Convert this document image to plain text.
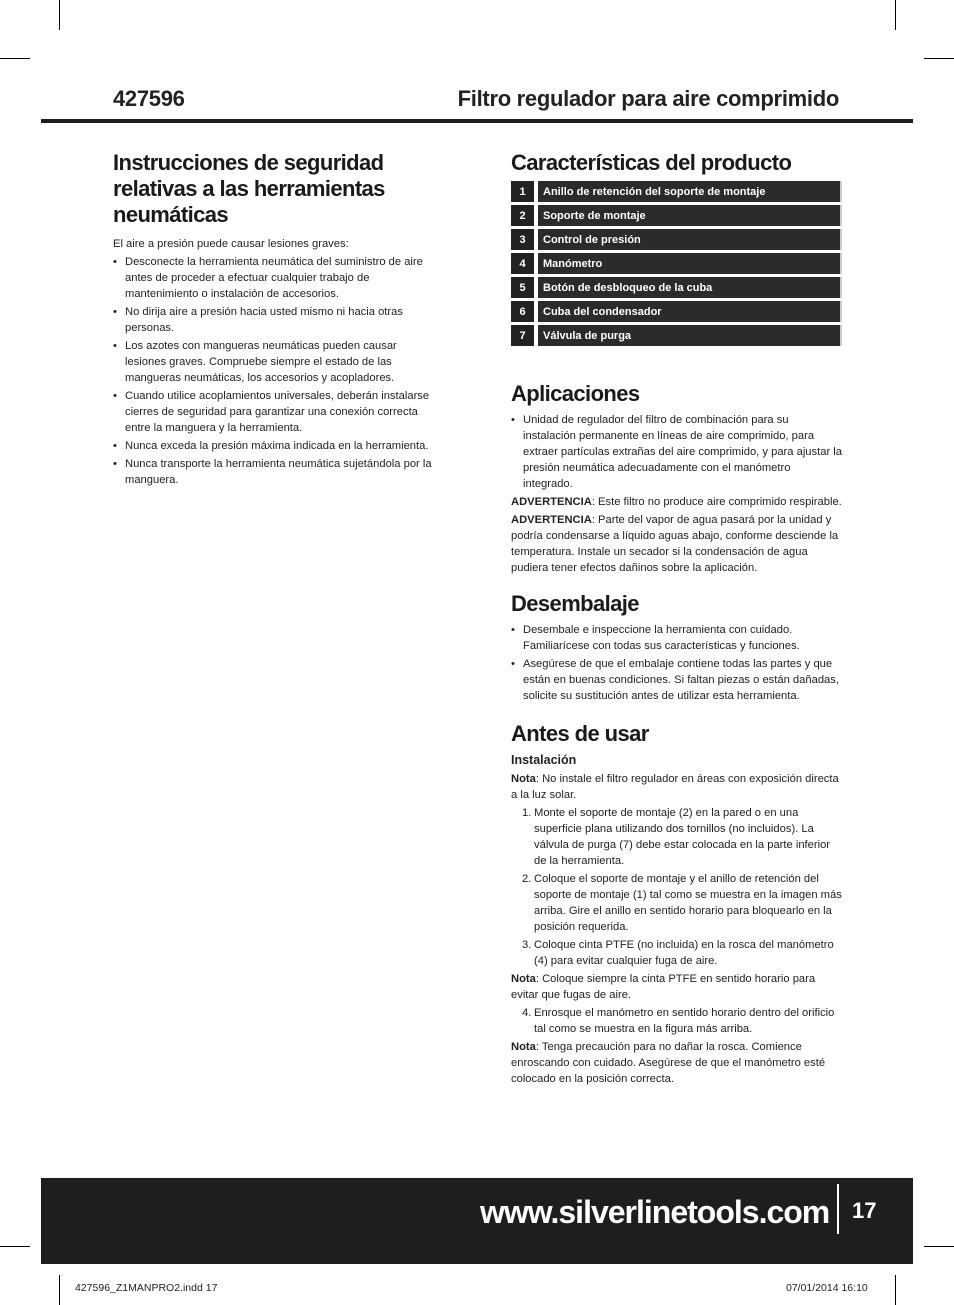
427596	Filtro regulador para aire comprimido
Instrucciones de seguridad relativas a las herramientas neumáticas

El aire a presión puede causar lesiones graves:

• Desconecte la herramienta neumática del suministro de aire antes de proceder a efectuar cualquier trabajo de mantenimiento o instalación de accesorios.
• No dirija aire a presión hacia usted mismo ni hacia otras personas.
• Los azotes con mangueras neumáticas pueden causar lesiones graves. Compruebe siempre el estado de las mangueras neumáticas, los accesorios y acopladores.
• Cuando utilice acoplamientos universales, deberán instalarse cierres de seguridad para garantizar una conexión correcta entre la manguera y la herramienta.
• Nunca exceda la presión máxima indicada en la herramienta.
• Nunca transporte la herramienta neumática sujetándola por la manguera.
Características del producto
1	Anillo de retención del soporte de montaje
2	Soporte de montaje
3	Control de presión
4	Manómetro
5	Botón de desbloqueo de la cuba
6	Cuba del condensador
7	Válvula de purga
Aplicaciones
• Unidad de regulador del filtro de combinación para su instalación permanente en líneas de aire comprimido, para extraer partículas extrañas del aire comprimido, y para ajustar la presión neumática adecuadamente con el manómetro integrado.

ADVERTENCIA: Este filtro no produce aire comprimido respirable.

ADVERTENCIA: Parte del vapor de agua pasará por la unidad y podría condensarse a líquido aguas abajo, conforme desciende la temperatura. Instale un secador si la condensación de agua pudiera tener efectos dañinos sobre la aplicación.

Desembalaje
• Desembale e inspeccione la herramienta con cuidado. Familiarícese con todas sus características y funciones.
• Asegúrese de que el embalaje contiene todas las partes y que están en buenas condiciones. Si faltan piezas o están dañadas, solicite su sustitución antes de utilizar esta herramienta.
Antes de usar
Instalación

Nota: No instale el filtro regulador en áreas con exposición directa a la luz solar.

1. Monte el soporte de montaje (2) en la pared o en una superficie plana utilizando dos tornillos (no incluidos). La válvula de purga (7) debe estar colocada en la parte inferior de la herramienta.
2. Coloque el soporte de montaje y el anillo de retención del soporte de montaje (1) tal como se muestra en la imagen más arriba. Gire el anillo en sentido horario para bloquearlo en la posición requerida.
3. Coloque cinta PTFE (no incluida) en la rosca del manómetro (4) para evitar cualquier fuga de aire.

Nota: Coloque siempre la cinta PTFE en sentido horario para evitar que fugas de aire.

4. Enrosque el manómetro en sentido horario dentro del orificio tal como se muestra en la figura más arriba.

Nota: Tenga precaución para no dañar la rosca. Comience enroscando con cuidado. Asegúrese de que el manómetro esté colocado en la posición correcta.

www.silverlinetools.com 17
427596_Z1MANPRO2.indd 17	07/01/2014 16:10
